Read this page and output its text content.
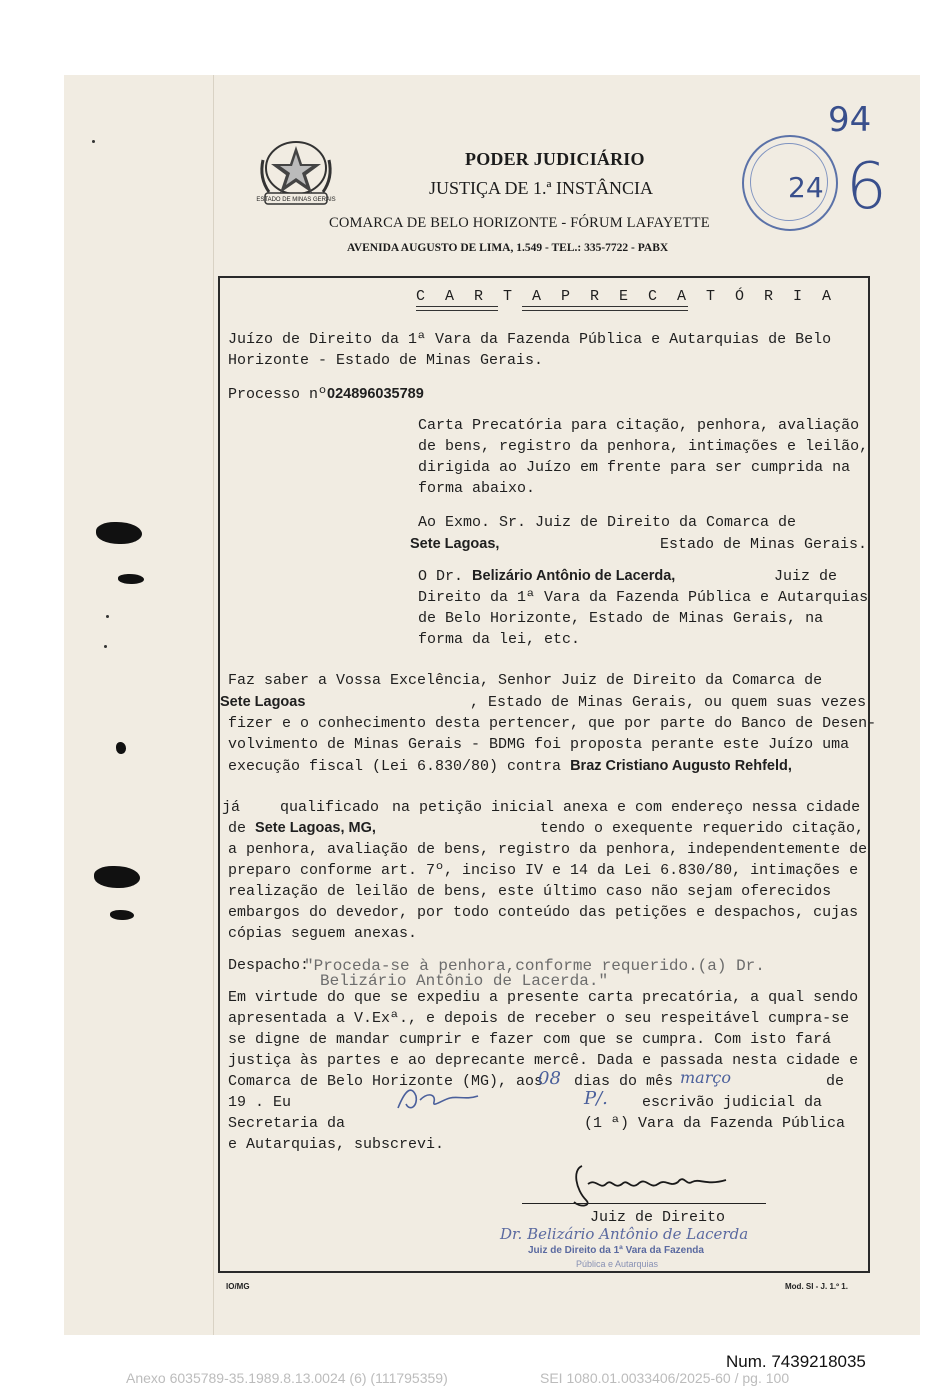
ESTADO DE MINAS GERAIS
PODER JUDICIÁRIO
JUSTIÇA DE 1.ª INSTÂNCIA
COMARCA DE BELO HORIZONTE - FÓRUM LAFAYETTE
AVENIDA AUGUSTO DE LIMA, 1.549 - TEL.: 335-7722 - PABX
24
94
6
C A R T A P R E C A T Ó R I A
Juízo de Direito da 1ª Vara da Fazenda Pública e Autarquias de Belo
Horizonte - Estado de Minas Gerais.
Processo nº024896035789
Carta Precatória para citação, penhora, avaliação
de bens, registro da penhora, intimações e leilão,
dirigida ao Juízo em frente para ser cumprida na
forma abaixo.
Ao Exmo. Sr. Juiz de Direito da Comarca de
Sete Lagoas,	Estado de Minas Gerais.
O Dr. Belizário Antônio de Lacerda,	Juiz de
Direito da 1ª Vara da Fazenda Pública e Autarquias
de Belo Horizonte, Estado de Minas Gerais, na
forma da lei, etc.
Faz saber a Vossa Excelência, Senhor Juiz de Direito da Comarca de
Sete Lagoas	, Estado de Minas Gerais, ou quem suas vezes
fizer e o conhecimento desta pertencer, que por parte do Banco de Desen-
volvimento de Minas Gerais - BDMG foi proposta perante este Juízo uma
execução fiscal (Lei 6.830/80) contra Braz Cristiano Augusto Rehfeld,
já	qualificado na petição inicial anexa e com endereço nessa cidade
de Sete Lagoas, MG,	tendo o exequente requerido citação,
a penhora, avaliação de bens, registro da penhora, independentemente de
preparo conforme art. 7º, inciso IV e 14 da Lei 6.830/80, intimações e
realização de leilão de bens, este último caso não sejam oferecidos
embargos do devedor, por todo conteúdo das petições e despachos, cujas
cópias seguem anexas.
Despacho:
"Proceda-se à penhora,conforme requerido.(a) Dr.
Belizário Antônio de Lacerda."
Em virtude do que se expediu a presente carta precatória, a qual sendo
apresentada a V.Exª., e depois de receber o seu respeitável cumpra-se
se digne de mandar cumprir e fazer com que se cumpra. Com isto fará
justiça às partes e ao deprecante mercê. Dada e passada nesta cidade e
Comarca de Belo Horizonte (MG), aos
08 dias do mês março	de
19 . Eu	P/. escrivão judicial da
Secretaria da	(1 ª) Vara da Fazenda Pública
e Autarquias, subscrevi.
Juiz de Direito
Dr. Belizário Antônio de Lacerda
Juiz de Direito da 1ª Vara da Fazenda
Pública e Autarquias
IO/MG	Mod. SI - J. 1.º 1.
Num. 7439218035
Anexo 6035789-35.1989.8.13.0024 (6) (111795359)	SEI 1080.01.0033406/2025-60 / pg. 100
